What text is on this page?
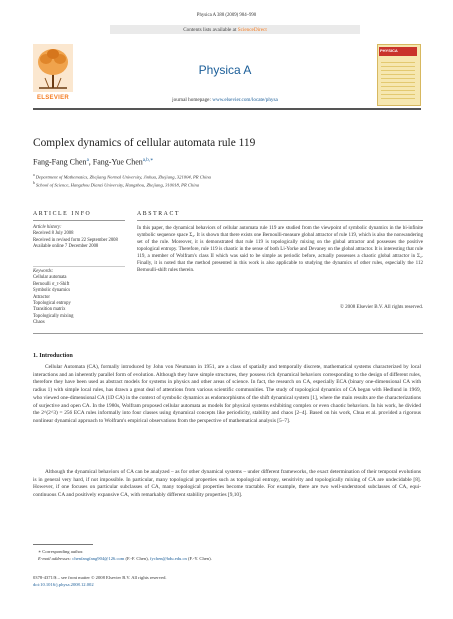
Physica A 388 (2009) 984–990
Contents lists available at ScienceDirect
ELSEVIER
Physica A
journal homepage: www.elsevier.com/locate/physa
PHYSICA
Complex dynamics of cellular automata rule 119
Fang-Fang Chen$^a$, Fang-Yue Chen$^{a,b,∗}$
$^a$ Department of Mathematics, Zhejiang Normal University, Jinhua, Zhejiang, 321004, PR China
$^b$ School of Science, Hangzhou Dianzi University, Hangzhou, Zhejiang, 310018, PR China
ARTICLE INFO
Article history:
Received 8 July 2008
Received in revised form 22 September 2008
Available online 7 December 2008
Keywords:
Cellular automata
Bernoulli σ_τ-Shift
Symbolic dynamics
Attractor
Topological entropy
Transition matrix
Topologically mixing
Chaos
ABSTRACT
In this paper, the dynamical behaviors of cellular automata rule 119 are studied from the viewpoint of symbolic dynamics in the bi-infinite symbolic sequence space Σ₂. It is shown that there exists one Bernoulli-measure global attractor of rule 119, which is also the nonwandering set of the rule. Moreover, it is demonstrated that rule 119 is topologically mixing on the global attractor and possesses the positive topological entropy. Therefore, rule 119 is chaotic in the sense of both Li-Yorke and Devaney on the global attractor. It is interesting that rule 119, a member of Wolfram's class II which was said to be simple as periodic before, actually possesses a chaotic global attractor in Σ₂. Finally, it is noted that the method presented in this work is also applicable to studying the dynamics of other rules, especially the 112 Bernoulli-shift rules therein.
© 2008 Elsevier B.V. All rights reserved.
1. Introduction
Cellular Automata (CA), formally introduced by John von Neumann in 1951, are a class of spatially and temporally discrete, mathematical systems characterized by local interactions and an inherently parallel form of evolution. Although they have simple structures, they possess rich dynamical behaviors corresponding to the design of different rules, therefore they have been used as abstract models for systems in physics and other areas of science. In fact, the research on CA, especially ECA (binary one-dimensional CA with radius 1) with simple local rules, has drawn a great deal of attentions from various scientific communities. The study of topological dynamics of CA began with Hedlund in 1969, who viewed one-dimensional CA (1D CA) in the context of symbolic dynamics as endomorphisms of the shift dynamical system [1], where the main results are the characterizations of surjective and open CA. In the 1980s, Wolfram proposed cellular automata as models for physical systems exhibiting complex or even chaotic behaviors. In his work, he divided the 2^(2^3) = 256 ECA rules informally into four classes using dynamical concepts like periodicity, stability and chaos [2–4]. Based on his work, Chua et al. provided a rigorous nonlinear dynamical approach to Wolfram's empirical observations from the perspective of mathematical analysis [5–7].
Although the dynamical behaviors of CA can be analyzed – as for other dynamical systems – under different frameworks, the exact determination of their temporal evolutions is in general very hard, if not impossible. In particular, many topological properties such as topological entropy, sensitivity and topologically mixing of CA are undecidable [8]. However, if one focuses on particular subclasses of CA, many topological properties become tractable. For example, there are two well-understood subclasses of CA, equi-continuous CA and positively expansive CA, with remarkably different stability properties [9,10].
∗ Corresponding author.
E-mail addresses: chenfangfang904@126.com (F.-F. Chen), fychen@hdu.edu.cn (F.-Y. Chen).
0378-4371/$ – see front matter © 2008 Elsevier B.V. All rights reserved.
doi:10.1016/j.physa.2008.12.002
